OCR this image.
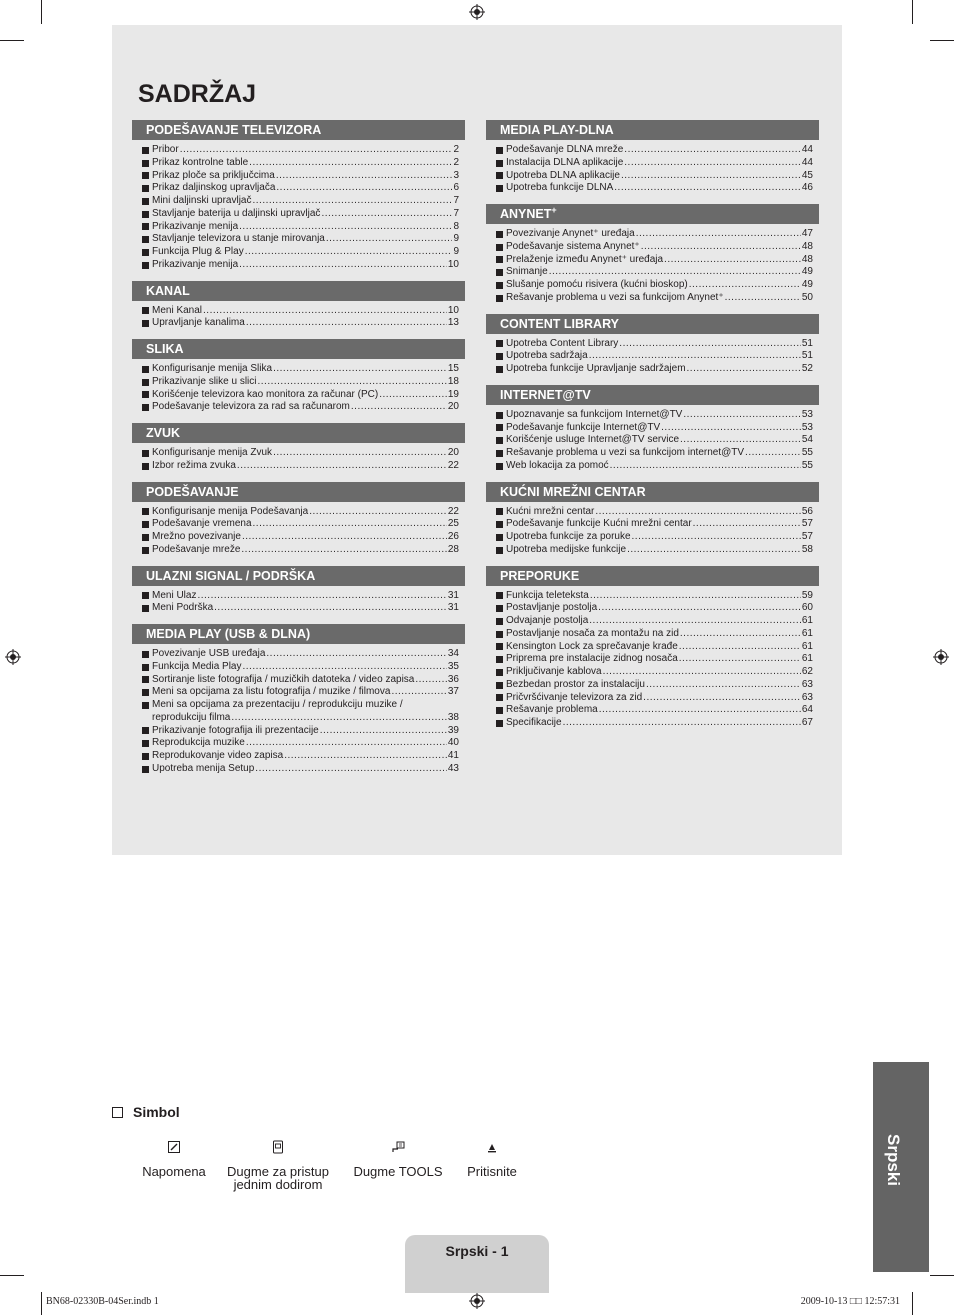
SADRŽAJ
PODEŠAVANJE TELEVIZORA
Pribor .....	2
Prikaz kontrolne table .....	2
Prikaz ploče sa priključcima .....	3
Prikaz daljinskog upravljača .....	6
Mini daljinski upravljač .....	7
Stavljanje baterija u daljinski upravljač .....	7
Prikazivanje menija .....	8
Stavljanje televizora u stanje mirovanja .....	9
Funkcija Plug & Play .....	9
Prikazivanje menija .....	10
KANAL
Meni Kanal .....	10
Upravljanje kanalima .....	13
SLIKA
Konfigurisanje menija Slika .....	15
Prikazivanje slike u slici .....	18
Korišćenje televizora kao monitora za računar (PC) .....	19
Podešavanje televizora za rad sa računarom .....	20
ZVUK
Konfigurisanje menija Zvuk .....	20
Izbor režima zvuka .....	22
PODEŠAVANJE
Konfigurisanje menija Podešavanja .....	22
Podešavanje vremena .....	25
Mrežno povezivanje .....	26
Podešavanje mreže .....	28
ULAZNI SIGNAL / PODRŠKA
Meni Ulaz .....	31
Meni Podrška .....	31
MEDIA PLAY (USB & DLNA)
Povezivanje USB uređaja .....	34
Funkcija Media Play .....	35
Sortiranje liste fotografija / muzičkih datoteka / video zapisa .....	36
Meni sa opcijama za listu fotografija / muzike / filmova .....	37
Meni sa opcijama za prezentaciju / reprodukciju muzike /
reprodukciju filma .....	38
Prikazivanje fotografija ili prezentacije .....	39
Reprodukcija muzike .....	40
Reprodukovanje video zapisa .....	41
Upotreba menija Setup .....	43
MEDIA PLAY-DLNA
Podešavanje DLNA mreže .....	44
Instalacija DLNA aplikacije .....	44
Upotreba DLNA aplikacije .....	45
Upotreba funkcije DLNA .....	46
ANYNET+
Povezivanje Anynet⁺ uređaja .....	47
Podešavanje sistema Anynet⁺ .....	48
Prelaženje između Anynet⁺ uređaja .....	48
Snimanje .....	49
Slušanje pomoću risivera (kućni bioskop) .....	49
Rešavanje problema u vezi sa funkcijom Anynet⁺ .....	50
CONTENT LIBRARY
Upotreba Content Library .....	51
Upotreba sadržaja .....	51
Upotreba funkcije Upravljanje sadržajem .....	52
INTERNET@TV
Upoznavanje sa funkcijom Internet@TV .....	53
Podešavanje funkcije Internet@TV .....	53
Korišćenje usluge Internet@TV service .....	54
Rešavanje problema u vezi sa funkcijom internet@TV .....	55
Web lokacija za pomoć .....	55
KUĆNI MREŽNI CENTAR
Kućni mrežni centar .....	56
Podešavanje funkcije Kućni mrežni centar .....	57
Upotreba funkcije za poruke .....	57
Upotreba medijske funkcije .....	58
PREPORUKE
Funkcija teleteksta .....	59
Postavljanje postolja .....	60
Odvajanje postolja .....	61
Postavljanje nosača za montažu na zid .....	61
Kensington Lock za sprečavanje krađe .....	61
Priprema pre instalacije zidnog nosača .....	61
Priključivanje kablova .....	62
Bezbedan prostor za instalaciju .....	63
Pričvršćivanje televizora za zid .....	63
Rešavanje problema .....	64
Specifikacije .....	67
Srpski
Simbol
Napomena	Dugme za pristup
jednim dodirom
Dugme TOOLS	Pritisnite
Srpski - 1
BN68-02330B-04Ser.indb 1	2009-10-13 □□ 12:57:31
